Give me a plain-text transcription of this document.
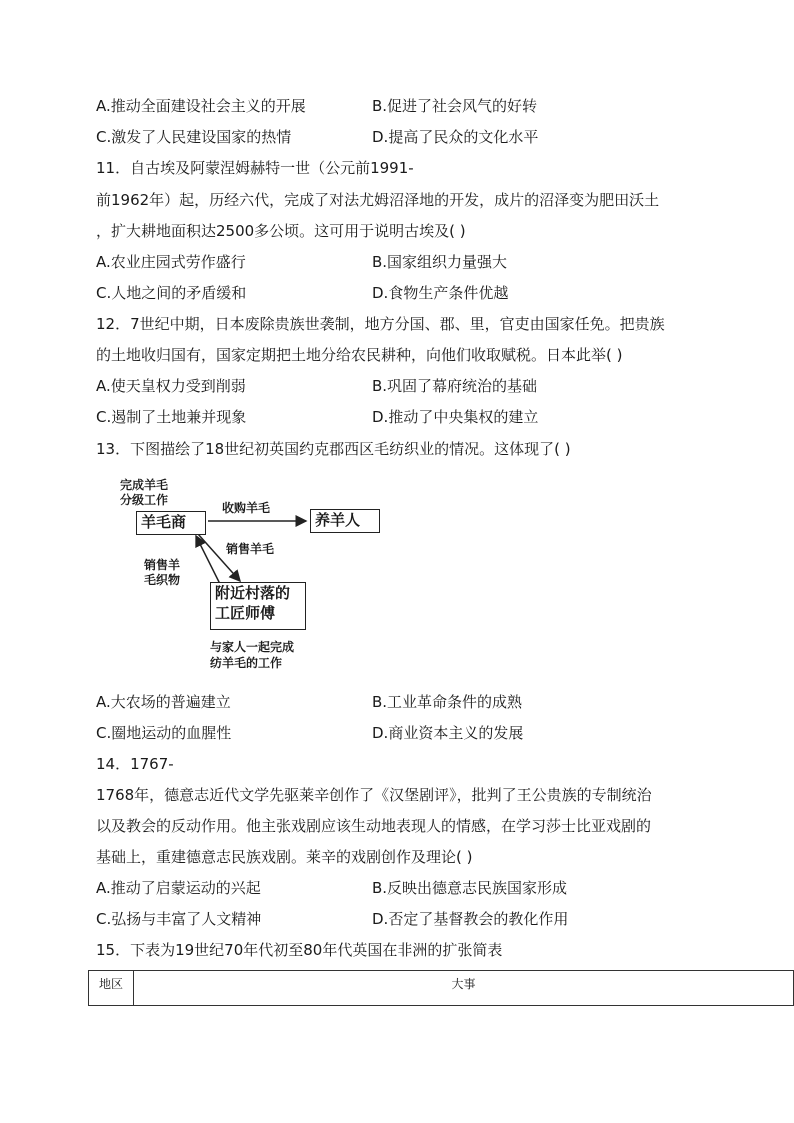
A.推动全面建设社会主义的开展	B.促进了社会风气的好转
C.激发了人民建设国家的热情	D.提高了民众的文化水平
11．自古埃及阿蒙涅姆赫特一世（公元前1991-
前1962年）起，历经六代，完成了对法尤姆沼泽地的开发，成片的沼泽变为肥田沃土
，扩大耕地面积达2500多公顷。这可用于说明古埃及( )
A.农业庄园式劳作盛行	B.国家组织力量强大
C.人地之间的矛盾缓和	D.食物生产条件优越
12．7世纪中期，日本废除贵族世袭制，地方分国、郡、里，官吏由国家任免。把贵族
的土地收归国有，国家定期把土地分给农民耕种，向他们收取赋税。日本此举( )
A.使天皇权力受到削弱	B.巩固了幕府统治的基础
C.遏制了土地兼并现象	D.推动了中央集权的建立
13．下图描绘了18世纪初英国约克郡西区毛纺织业的情况。这体现了( )
完成羊毛
分级工作
羊毛商
收购羊毛
养羊人
销售羊毛
销售羊
毛织物
附近村落的
工匠师傅
与家人一起完成
纺羊毛的工作
A.大农场的普遍建立	B.工业革命条件的成熟
C.圈地运动的血腥性	D.商业资本主义的发展
14．1767-
1768年，德意志近代文学先驱莱辛创作了《汉堡剧评》，批判了王公贵族的专制统治
以及教会的反动作用。他主张戏剧应该生动地表现人的情感，在学习莎士比亚戏剧的
基础上，重建德意志民族戏剧。莱辛的戏剧创作及理论( )
A.推动了启蒙运动的兴起	B.反映出德意志民族国家形成
C.弘扬与丰富了人文精神	D.否定了基督教会的教化作用
15．下表为19世纪70年代初至80年代英国在非洲的扩张简表
地区	大事
